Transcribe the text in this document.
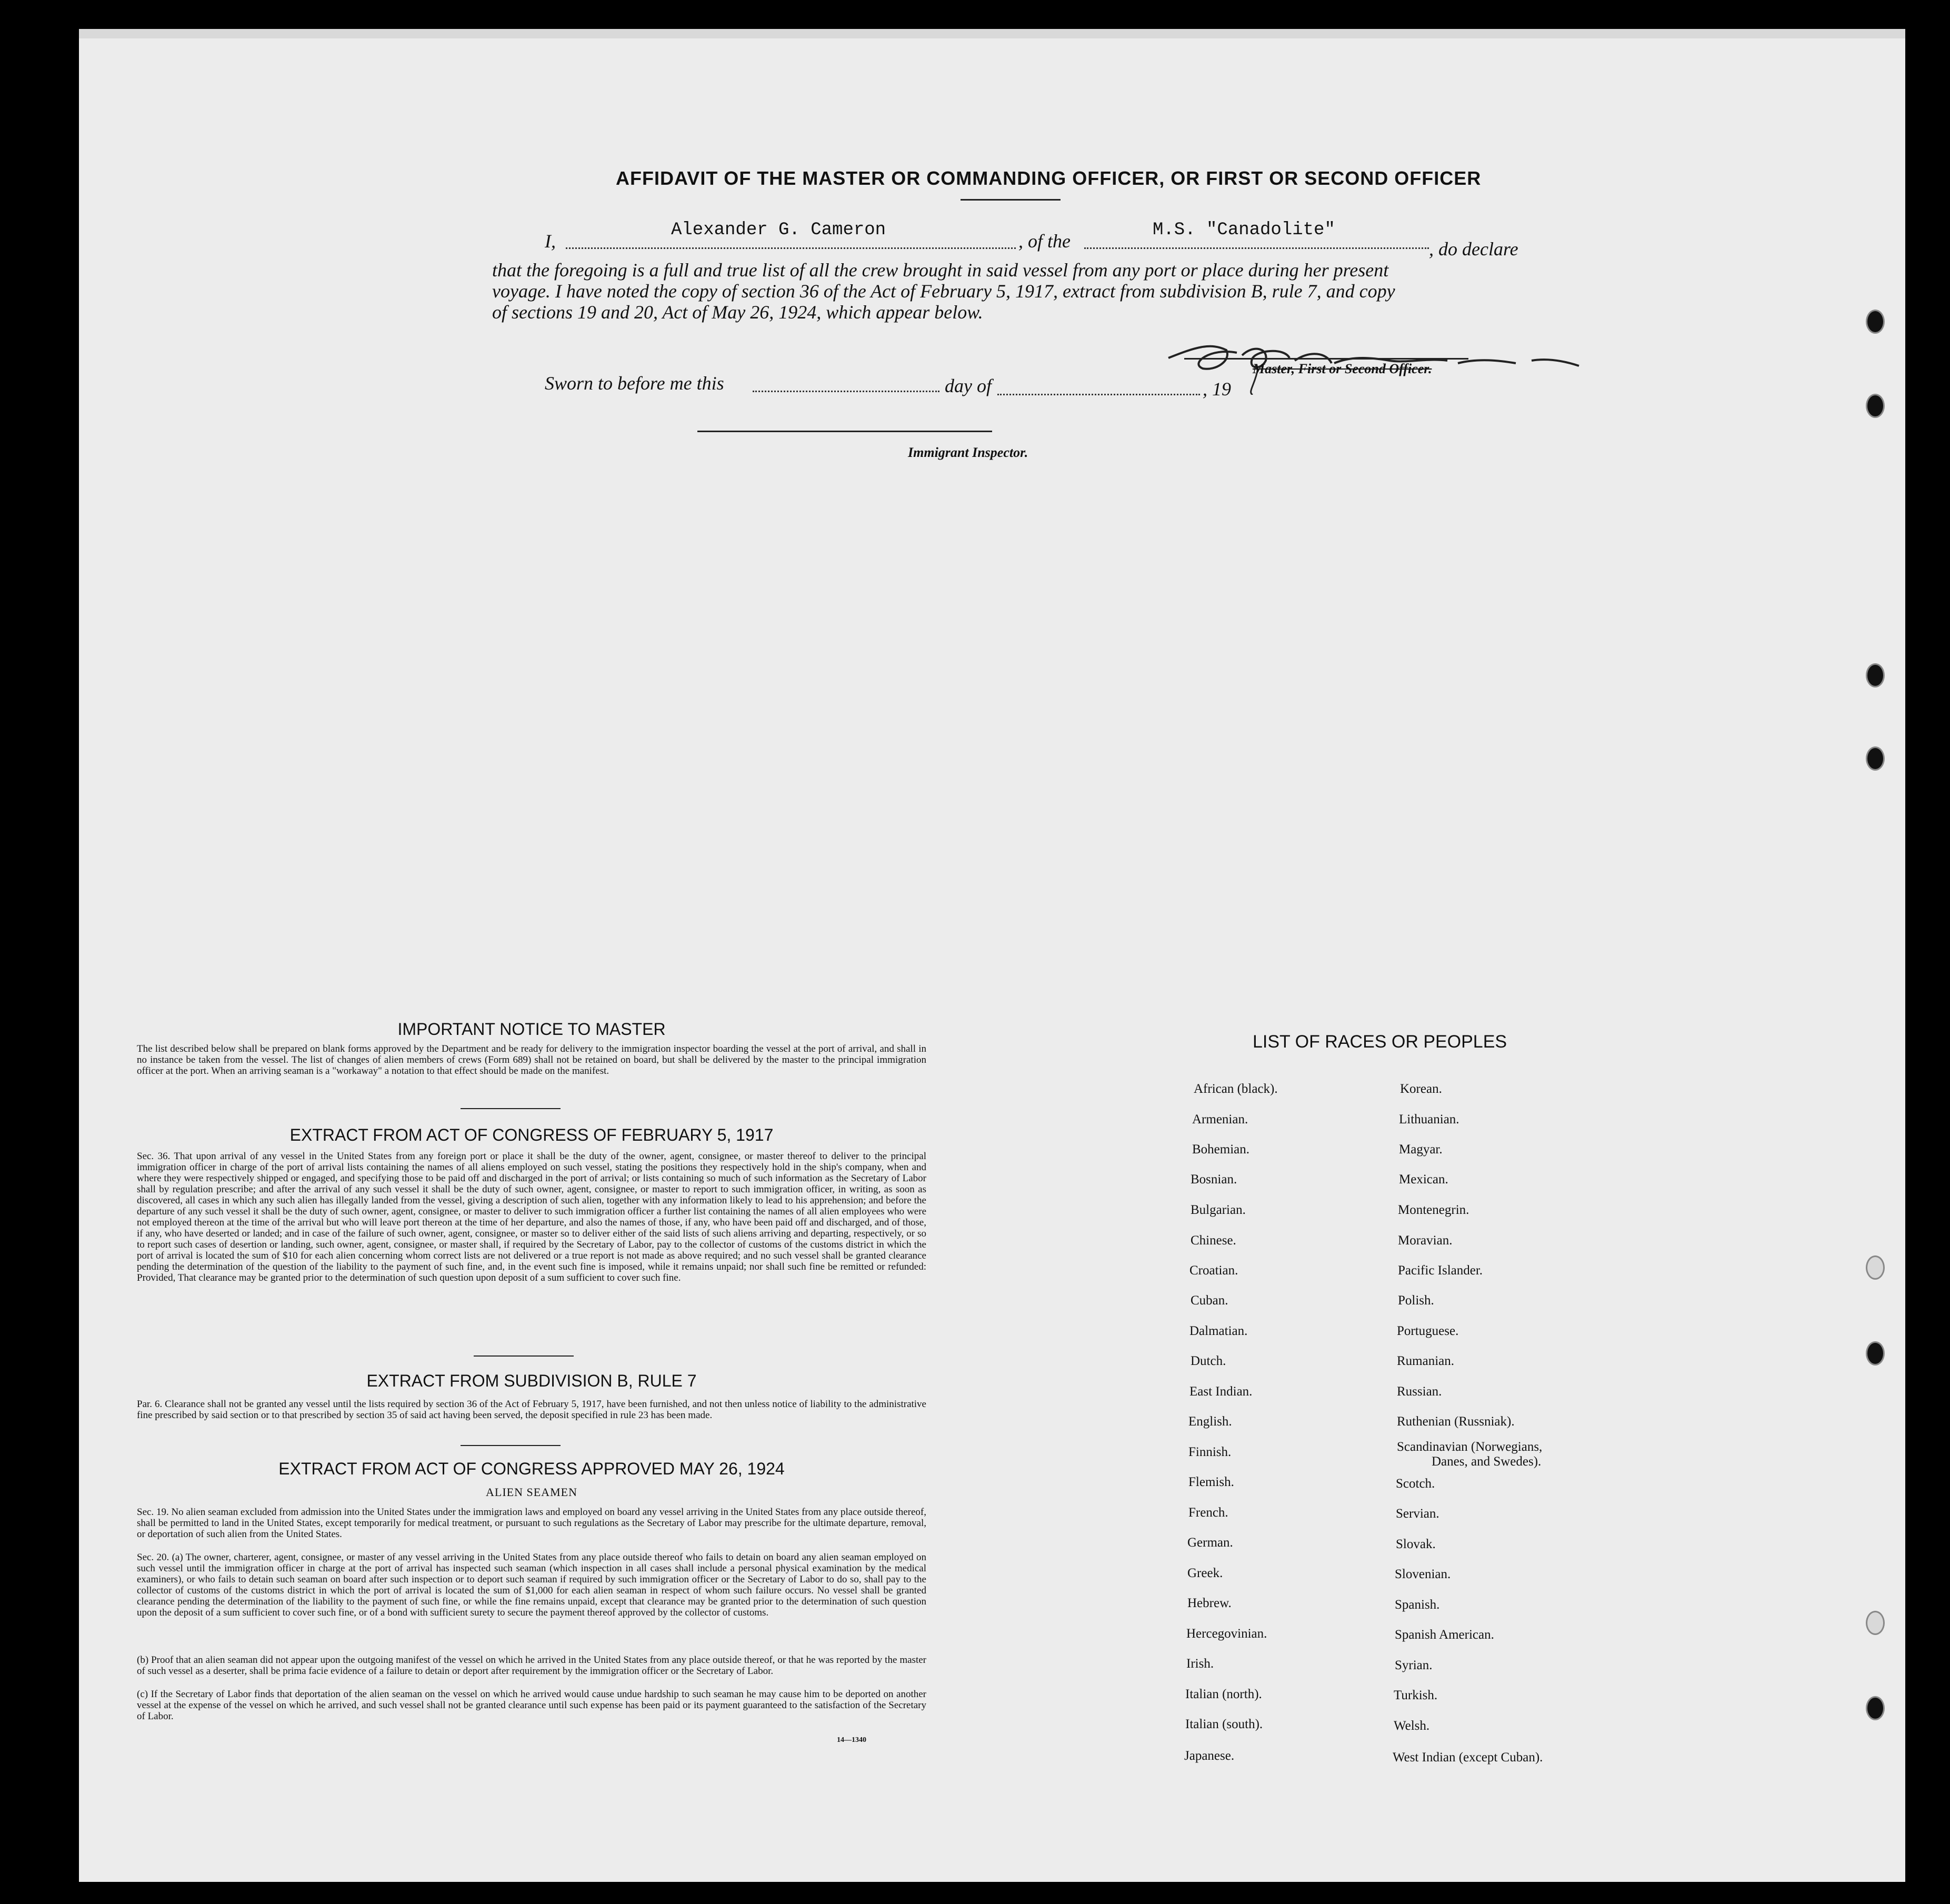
AFFIDAVIT OF THE MASTER OR COMMANDING OFFICER, OR FIRST OR SECOND OFFICER
I,
Alexander G. Cameron
, of the
M.S. "Canadolite"
, do declare
that the foregoing is a full and true list of all the crew brought in said vessel from any port or place during her present
voyage. I have noted the copy of section 36 of the Act of February 5, 1917, extract from subdivision B, rule 7, and copy
of sections 19 and 20, Act of May 26, 1924, which appear below.
Master, First or Second Officer.
Sworn to before me this	day of	, 19
Immigrant Inspector.
IMPORTANT NOTICE TO MASTER
The list described below shall be prepared on blank forms approved by the Department and be ready for delivery to the immigration inspector boarding the vessel at the port of arrival, and shall in no instance be taken from the vessel. The list of changes of alien members of crews (Form 689) shall not be retained on board, but shall be delivered by the master to the principal immigration officer at the port. When an arriving seaman is a "workaway" a notation to that effect should be made on the manifest.
EXTRACT FROM ACT OF CONGRESS OF FEBRUARY 5, 1917
Sec. 36. That upon arrival of any vessel in the United States from any foreign port or place it shall be the duty of the owner, agent, consignee, or master thereof to deliver to the principal immigration officer in charge of the port of arrival lists containing the names of all aliens employed on such vessel, stating the positions they respectively hold in the ship's company, when and where they were respectively shipped or engaged, and specifying those to be paid off and discharged in the port of arrival; or lists containing so much of such information as the Secretary of Labor shall by regulation prescribe; and after the arrival of any such vessel it shall be the duty of such owner, agent, consignee, or master to report to such immigration officer, in writing, as soon as discovered, all cases in which any such alien has illegally landed from the vessel, giving a description of such alien, together with any information likely to lead to his apprehension; and before the departure of any such vessel it shall be the duty of such owner, agent, consignee, or master to deliver to such immigration officer a further list containing the names of all alien employees who were not employed thereon at the time of the arrival but who will leave port thereon at the time of her departure, and also the names of those, if any, who have been paid off and discharged, and of those, if any, who have deserted or landed; and in case of the failure of such owner, agent, consignee, or master so to deliver either of the said lists of such aliens arriving and departing, respectively, or so to report such cases of desertion or landing, such owner, agent, consignee, or master shall, if required by the Secretary of Labor, pay to the collector of customs of the customs district in which the port of arrival is located the sum of $10 for each alien concerning whom correct lists are not delivered or a true report is not made as above required; and no such vessel shall be granted clearance pending the determination of the question of the liability to the payment of such fine, and, in the event such fine is imposed, while it remains unpaid; nor shall such fine be remitted or refunded: Provided, That clearance may be granted prior to the determination of such question upon deposit of a sum sufficient to cover such fine.
EXTRACT FROM SUBDIVISION B, RULE 7
Par. 6. Clearance shall not be granted any vessel until the lists required by section 36 of the Act of February 5, 1917, have been furnished, and not then unless notice of liability to the administrative fine prescribed by said section or to that prescribed by section 35 of said act having been served, the deposit specified in rule 23 has been made.
EXTRACT FROM ACT OF CONGRESS APPROVED MAY 26, 1924
ALIEN SEAMEN
Sec. 19. No alien seaman excluded from admission into the United States under the immigration laws and employed on board any vessel arriving in the United States from any place outside thereof, shall be permitted to land in the United States, except temporarily for medical treatment, or pursuant to such regulations as the Secretary of Labor may prescribe for the ultimate departure, removal, or deportation of such alien from the United States.
Sec. 20. (a) The owner, charterer, agent, consignee, or master of any vessel arriving in the United States from any place outside thereof who fails to detain on board any alien seaman employed on such vessel until the immigration officer in charge at the port of arrival has inspected such seaman (which inspection in all cases shall include a personal physical examination by the medical examiners), or who fails to detain such seaman on board after such inspection or to deport such seaman if required by such immigration officer or the Secretary of Labor to do so, shall pay to the collector of customs of the customs district in which the port of arrival is located the sum of $1,000 for each alien seaman in respect of whom such failure occurs. No vessel shall be granted clearance pending the determination of the liability to the payment of such fine, or while the fine remains unpaid, except that clearance may be granted prior to the determination of such question upon the deposit of a sum sufficient to cover such fine, or of a bond with sufficient surety to secure the payment thereof approved by the collector of customs.
(b) Proof that an alien seaman did not appear upon the outgoing manifest of the vessel on which he arrived in the United States from any place outside thereof, or that he was reported by the master of such vessel as a deserter, shall be prima facie evidence of a failure to detain or deport after requirement by the immigration officer or the Secretary of Labor.
(c) If the Secretary of Labor finds that deportation of the alien seaman on the vessel on which he arrived would cause undue hardship to such seaman he may cause him to be deported on another vessel at the expense of the vessel on which he arrived, and such vessel shall not be granted clearance until such expense has been paid or its payment guaranteed to the satisfaction of the Secretary of Labor.
14—1340
LIST OF RACES OR PEOPLES
African (black).
Armenian.
Bohemian.
Bosnian.
Bulgarian.
Chinese.
Croatian.
Cuban.
Dalmatian.
Dutch.
East Indian.
English.
Finnish.
Flemish.
French.
German.
Greek.
Hebrew.
Hercegovinian.
Irish.
Italian (north).
Italian (south).
Japanese.
Korean.
Lithuanian.
Magyar.
Mexican.
Montenegrin.
Moravian.
Pacific Islander.
Polish.
Portuguese.
Rumanian.
Russian.
Ruthenian (Russniak).
Scandinavian (Norwegians,
Danes, and Swedes).
Scotch.
Servian.
Slovak.
Slovenian.
Spanish.
Spanish American.
Syrian.
Turkish.
Welsh.
West Indian (except Cuban).
